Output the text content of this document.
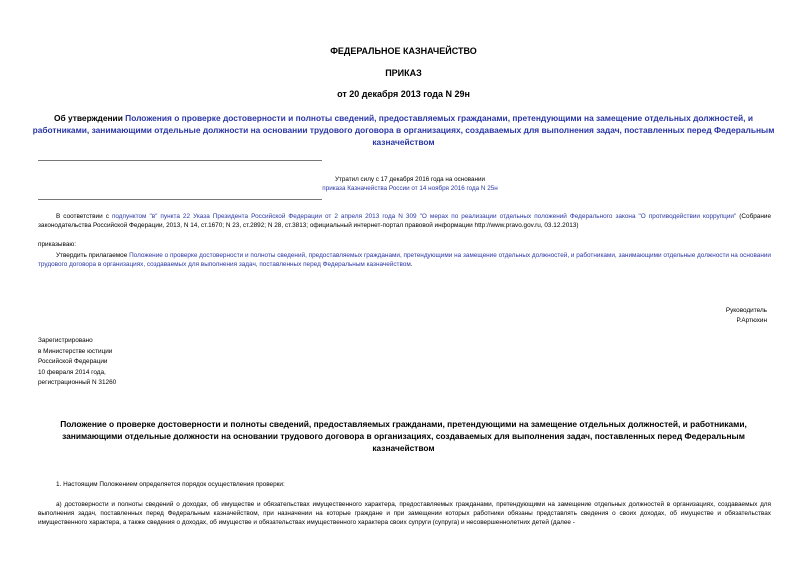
ФЕДЕРАЛЬНОЕ КАЗНАЧЕЙСТВО
ПРИКАЗ
от 20 декабря 2013 года N 29н
Об утверждении Положения о проверке достоверности и полноты сведений, предоставляемых гражданами, претендующими на замещение отдельных должностей, и работниками, занимающими отдельные должности на основании трудового договора в организациях, создаваемых для выполнения задач, поставленных перед Федеральным казначейством
Утратил силу с 17 декабря 2016 года на основании
приказа Казначейства России от 14 ноября 2016 года N 25н
В соответствии с подпунктом "в" пункта 22 Указа Президента Российской Федерации от 2 апреля 2013 года N 309 "О мерах по реализации отдельных положений Федерального закона "О противодействии коррупции" (Собрание законодательства Российской Федерации, 2013, N 14, ст.1670; N 23, ст.2892; N 28, ст.3813; официальный интернет-портал правовой информации http://www.pravo.gov.ru, 03.12.2013)
приказываю:
Утвердить прилагаемое Положение о проверке достоверности и полноты сведений, предоставляемых гражданами, претендующими на замещение отдельных должностей, и работниками, занимающими отдельные должности на основании трудового договора в организациях, создаваемых для выполнения задач, поставленных перед Федеральным казначейством.
Руководитель
Р.Артюхин
Зарегистрировано
в Министерстве юстиции
Российской Федерации
10 февраля 2014 года,
регистрационный N 31260
Положение о проверке достоверности и полноты сведений, предоставляемых гражданами, претендующими на замещение отдельных должностей, и работниками, занимающими отдельные должности на основании трудового договора в организациях, создаваемых для выполнения задач, поставленных перед Федеральным казначейством
1. Настоящим Положением определяется порядок осуществления проверки:
а) достоверности и полноты сведений о доходах, об имуществе и обязательствах имущественного характера, предоставляемых гражданами, претендующими на замещение отдельных должностей в организациях, создаваемых для выполнения задач, поставленных перед Федеральным казначейством, при назначении на которые граждане и при замещении которых работники обязаны представлять сведения о своих доходах, об имуществе и обязательствах имущественного характера, а также сведения о доходах, об имуществе и обязательствах имущественного характера своих супруги (супруга) и несовершеннолетних детей (далее -
